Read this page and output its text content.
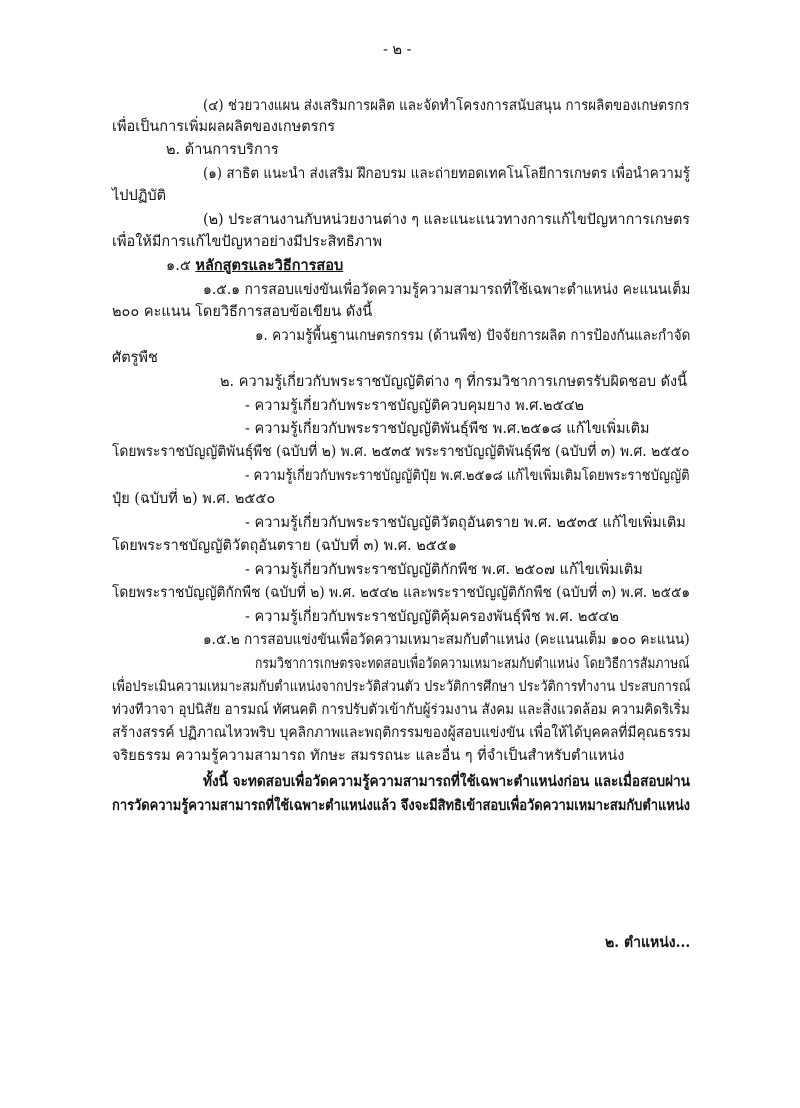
- ๒ -
(๔) ช่วยวางแผน ส่งเสริมการผลิต และจัดทำโครงการสนับสนุน การผลิตของเกษตรกร
เพื่อเป็นการเพิ่มผลผลิตของเกษตรกร
๒. ด้านการบริการ
(๑) สาธิต แนะนำ ส่งเสริม ฝึกอบรม และถ่ายทอดเทคโนโลยีการเกษตร เพื่อนำความรู้
ไปปฏิบัติ
(๒) ประสานงานกับหน่วยงานต่าง ๆ และแนะแนวทางการแก้ไขปัญหาการเกษตร
เพื่อให้มีการแก้ไขปัญหาอย่างมีประสิทธิภาพ
๑.๕ หลักสูตรและวิธีการสอบ
๑.๕.๑ การสอบแข่งขันเพื่อวัดความรู้ความสามารถที่ใช้เฉพาะตำแหน่ง คะแนนเต็ม
๒๐๐ คะแนน โดยวิธีการสอบข้อเขียน ดังนี้
๑. ความรู้พื้นฐานเกษตรกรรม (ด้านพืช) ปัจจัยการผลิต การป้องกันและกำจัด
ศัตรูพืช
๒. ความรู้เกี่ยวกับพระราชบัญญัติต่าง ๆ ที่กรมวิชาการเกษตรรับผิดชอบ ดังนี้
- ความรู้เกี่ยวกับพระราชบัญญัติควบคุมยาง พ.ศ.๒๕๔๒
- ความรู้เกี่ยวกับพระราชบัญญัติพันธุ์พืช พ.ศ.๒๕๑๘ แก้ไขเพิ่มเติม
โดยพระราชบัญญัติพันธุ์พืช (ฉบับที่ ๒) พ.ศ. ๒๕๓๕ พระราชบัญญัติพันธุ์พืช (ฉบับที่ ๓) พ.ศ. ๒๕๕๐
- ความรู้เกี่ยวกับพระราชบัญญัติปุ๋ย พ.ศ.๒๕๑๘ แก้ไขเพิ่มเติมโดยพระราชบัญญัติ
ปุ๋ย (ฉบับที่ ๒) พ.ศ. ๒๕๕๐
- ความรู้เกี่ยวกับพระราชบัญญัติวัตถุอันตราย พ.ศ. ๒๕๓๕ แก้ไขเพิ่มเติม
โดยพระราชบัญญัติวัตถุอันตราย (ฉบับที่ ๓) พ.ศ. ๒๕๕๑
- ความรู้เกี่ยวกับพระราชบัญญัติกักพืช พ.ศ. ๒๕๐๗ แก้ไขเพิ่มเติม
โดยพระราชบัญญัติกักพืช (ฉบับที่ ๒) พ.ศ. ๒๕๔๒ และพระราชบัญญัติกักพืช (ฉบับที่ ๓) พ.ศ. ๒๕๕๑
- ความรู้เกี่ยวกับพระราชบัญญัติคุ้มครองพันธุ์พืช พ.ศ. ๒๕๔๒
๑.๕.๒ การสอบแข่งขันเพื่อวัดความเหมาะสมกับตำแหน่ง (คะแนนเต็ม ๑๐๐ คะแนน)
กรมวิชาการเกษตรจะทดสอบเพื่อวัดความเหมาะสมกับตำแหน่ง โดยวิธีการสัมภาษณ์
เพื่อประเมินความเหมาะสมกับตำแหน่งจากประวัติส่วนตัว ประวัติการศึกษา ประวัติการทำงาน ประสบการณ์
ท่วงทีวาจา อุปนิสัย อารมณ์ ทัศนคติ การปรับตัวเข้ากับผู้ร่วมงาน สังคม และสิ่งแวดล้อม ความคิดริเริ่ม
สร้างสรรค์ ปฏิภาณไหวพริบ บุคลิกภาพและพฤติกรรมของผู้สอบแข่งขัน เพื่อให้ได้บุคคลที่มีคุณธรรม
จริยธรรม ความรู้ความสามารถ ทักษะ สมรรถนะ และอื่น ๆ ที่จำเป็นสำหรับตำแหน่ง
ทั้งนี้ จะทดสอบเพื่อวัดความรู้ความสามารถที่ใช้เฉพาะตำแหน่งก่อน และเมื่อสอบผ่าน
การวัดความรู้ความสามารถที่ใช้เฉพาะตำแหน่งแล้ว จึงจะมีสิทธิเข้าสอบเพื่อวัดความเหมาะสมกับตำแหน่ง
๒. ตำแหน่ง...
